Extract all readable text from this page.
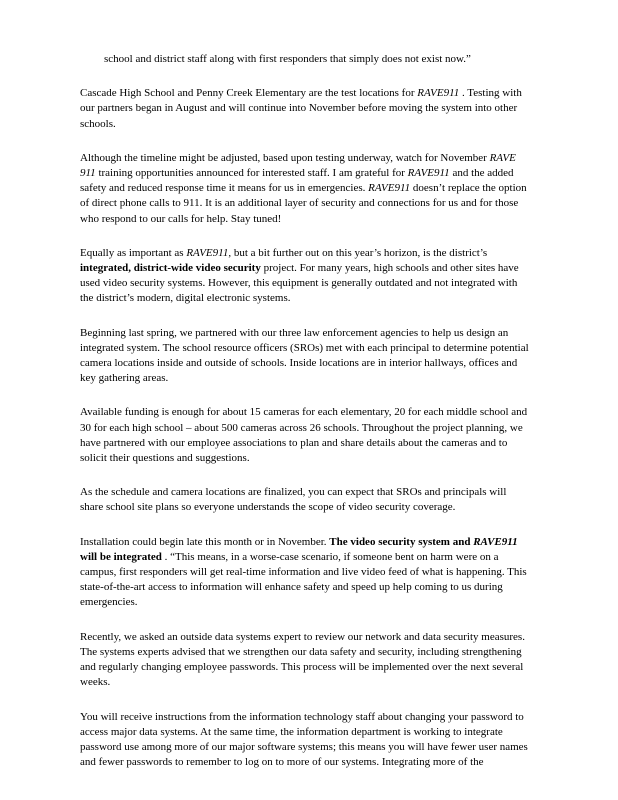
school and district staff along with first responders that simply does not exist now.”

Cascade High School and Penny Creek Elementary are the test locations for RAVE911 . Testing with our partners began in August and will continue into November before moving the system into other schools.

Although the timeline might be adjusted, based upon testing underway, watch for November RAVE 911 training opportunities announced for interested staff. I am grateful for RAVE911 and the added safety and reduced response time it means for us in emergencies. RAVE911 doesn’t replace the option of direct phone calls to 911. It is an additional layer of security and connections for us and for those who respond to our calls for help. Stay tuned!

Equally as important as RAVE911, but a bit further out on this year’s horizon, is the district’s integrated, district-wide video security project. For many years, high schools and other sites have used video security systems. However, this equipment is generally outdated and not integrated with the district’s modern, digital electronic systems.

Beginning last spring, we partnered with our three law enforcement agencies to help us design an integrated system. The school resource officers (SROs) met with each principal to determine potential camera locations inside and outside of schools. Inside locations are in interior hallways, offices and key gathering areas.

Available funding is enough for about 15 cameras for each elementary, 20 for each middle school and 30 for each high school – about 500 cameras across 26 schools. Throughout the project planning, we have partnered with our employee associations to plan and share details about the cameras and to solicit their questions and suggestions.

As the schedule and camera locations are finalized, you can expect that SROs and principals will share school site plans so everyone understands the scope of video security coverage.

Installation could begin late this month or in November. The video security system and RAVE911 will be integrated . “This means, in a worse-case scenario, if someone bent on harm were on a campus, first responders will get real-time information and live video feed of what is happening. This state-of-the-art access to information will enhance safety and speed up help coming to us during emergencies.

Recently, we asked an outside data systems expert to review our network and data security measures. The systems experts advised that we strengthen our data safety and security, including strengthening and regularly changing employee passwords. This process will be implemented over the next several weeks.

You will receive instructions from the information technology staff about changing your password to access major data systems. At the same time, the information department is working to integrate password use among more of our major software systems; this means you will have fewer user names and fewer passwords to remember to log on to more of our systems. Integrating more of the
